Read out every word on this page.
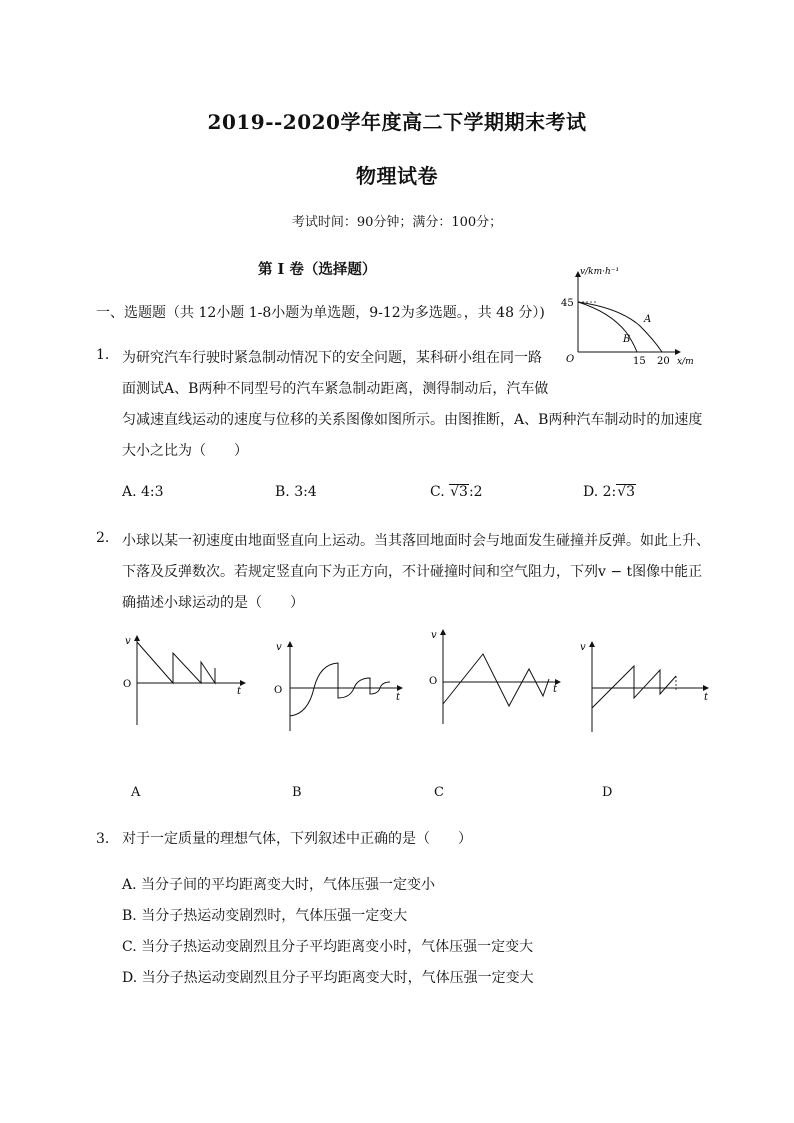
2019--2020学年度高二下学期期末考试
物理试卷
考试时间：90分钟；满分：100分；
第 I 卷（选择题）	v/km·h⁻¹
45
O	15 20 x/m
A
B
一、选题题（共 12小题 1-8小题为单选题，9-12为多选题。，共 48 分）)
1. 为研究汽车行驶时紧急制动情况下的安全问题，某科研小组在同一路
面测试A、B两种不同型号的汽车紧急制动距离，测得制动后，汽车做
匀减速直线运动的速度与位移的关系图像如图所示。由图推断，A、B两种汽车制动时的加速度
大小之比为（　　）
A. 4:3	B. 3:4	C. √3:2	D. 2:√3
2. 小球以某一初速度由地面竖直向上运动。当其落回地面时会与地面发生碰撞并反弹。如此上升、
下落及反弹数次。若规定竖直向下为正方向，不计碰撞时间和空气阻力，下列v − t图像中能正
确描述小球运动的是（　　）
v
O
t
v
O
t
v
O
t
v
t
A	B	C	D
3. 对于一定质量的理想气体，下列叙述中正确的是（　　）
A. 当分子间的平均距离变大时，气体压强一定变小
B. 当分子热运动变剧烈时，气体压强一定变大
C. 当分子热运动变剧烈且分子平均距离变小时，气体压强一定变大
D. 当分子热运动变剧烈且分子平均距离变大时，气体压强一定变大
